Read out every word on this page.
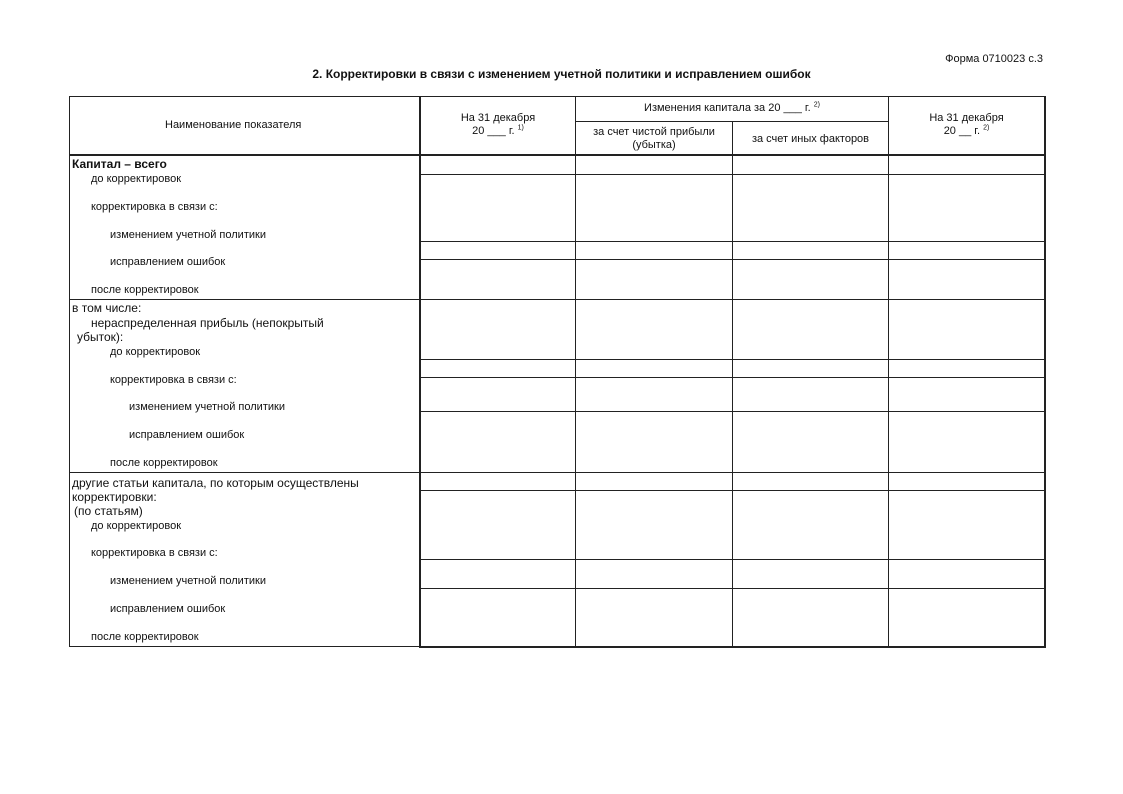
Форма 0710023 с.3
2. Корректировки в связи с изменением учетной политики и исправлением ошибок
Наименование показателя
На 31 декабря
20 ___ г. $^{1)}$
Изменения капитала за 20 ___ г. $^{2)}$
за счет чистой прибыли
(убытка)	за счет иных факторов
На 31 декабря
20 __ г. $^{2)}$
Капитал – всего
до корректировок
корректировка в связи с:
изменением учетной политики
исправлением ошибок
после корректировок
в том числе:
нераспределенная прибыль (непокрытый
убыток):
до корректировок
корректировка в связи с:
изменением учетной политики
исправлением ошибок
после корректировок
другие статьи капитала, по которым осуществлены
корректировки:
(по статьям)
до корректировок
корректировка в связи с:
изменением учетной политики
исправлением ошибок
после корректировок
